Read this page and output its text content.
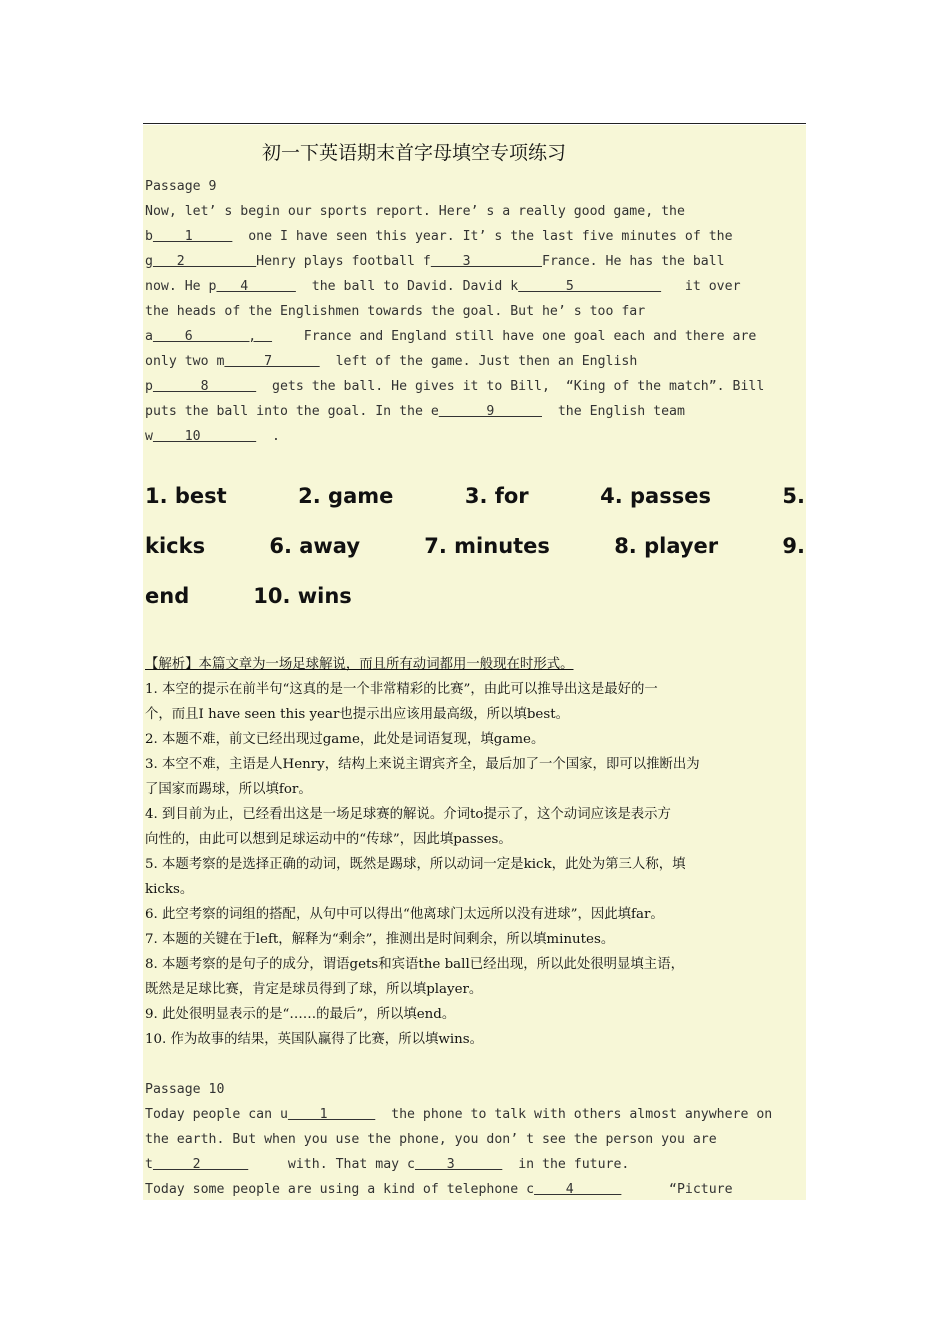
初一下英语期末首字母填空专项练习
Passage 9
Now, let’ s begin our sports report. Here’ s a really good game, the
b    1       one I have seen this year. It’ s the last five minutes of the
g   2         Henry plays football f    3         France. He has the ball
now. He p   4        the ball to David. David k      5              it over
the heads of the Englishmen towards the goal. But he’ s too far
a    6       ,      France and England still have one goal each and there are
only two m     7        left of the game. Just then an English
p      8        gets the ball. He gives it to Bill,  “King of the match”. Bill
puts the ball into the goal. In the e      9        the English team
w    10         .
1. best	2. game	3. for	4. passes	5.
kicks	6. away	7. minutes	8. player	9.
end	10. wins
【解析】本篇文章为一场足球解说，而且所有动词都用一般现在时形式。
1. 本空的提示在前半句“这真的是一个非常精彩的比赛”，由此可以推导出这是最好的一
个，而且I have seen this year也提示出应该用最高级，所以填best。
2. 本题不难，前文已经出现过game，此处是词语复现，填game。
3. 本空不难，主语是人Henry，结构上来说主谓宾齐全，最后加了一个国家，即可以推断出为
了国家而踢球，所以填for。
4. 到目前为止，已经看出这是一场足球赛的解说。介词to提示了，这个动词应该是表示方
向性的，由此可以想到足球运动中的“传球”，因此填passes。
5. 本题考察的是选择正确的动词，既然是踢球，所以动词一定是kick，此处为第三人称，填
kicks。
6. 此空考察的词组的搭配，从句中可以得出“他离球门太远所以没有进球”，因此填far。
7. 本题的关键在于left，解释为“剩余”，推测出是时间剩余，所以填minutes。
8. 本题考察的是句子的成分，谓语gets和宾语the ball已经出现，所以此处很明显填主语，
既然是足球比赛，肯定是球员得到了球，所以填player。
9. 此处很明显表示的是“……的最后”，所以填end。
10. 作为故事的结果，英国队赢得了比赛，所以填wins。
Passage 10
Today people can u    1        the phone to talk with others almost anywhere on
the earth. But when you use the phone, you don’ t see the person you are
t     2           with. That may c    3        in the future.
Today some people are using a kind of telephone c    4            “Picture
